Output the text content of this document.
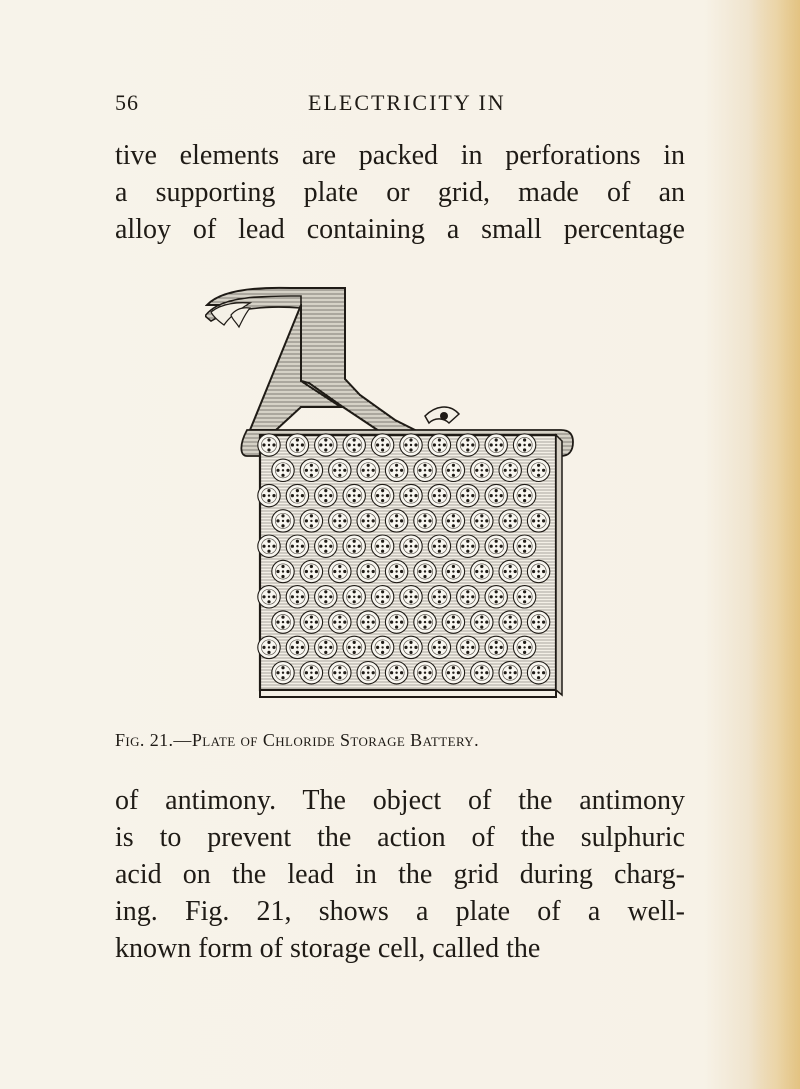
56	ELECTRICITY IN
tive elements are packed in perforations in
a supporting plate or grid, made of an
alloy of lead containing a small percentage
Fig. 21.—Plate of Chloride Storage Battery.
of antimony. The object of the antimony
is to prevent the action of the sulphuric
acid on the lead in the grid during charg-
ing. Fig. 21, shows a plate of a well-
known form of storage cell, called the
